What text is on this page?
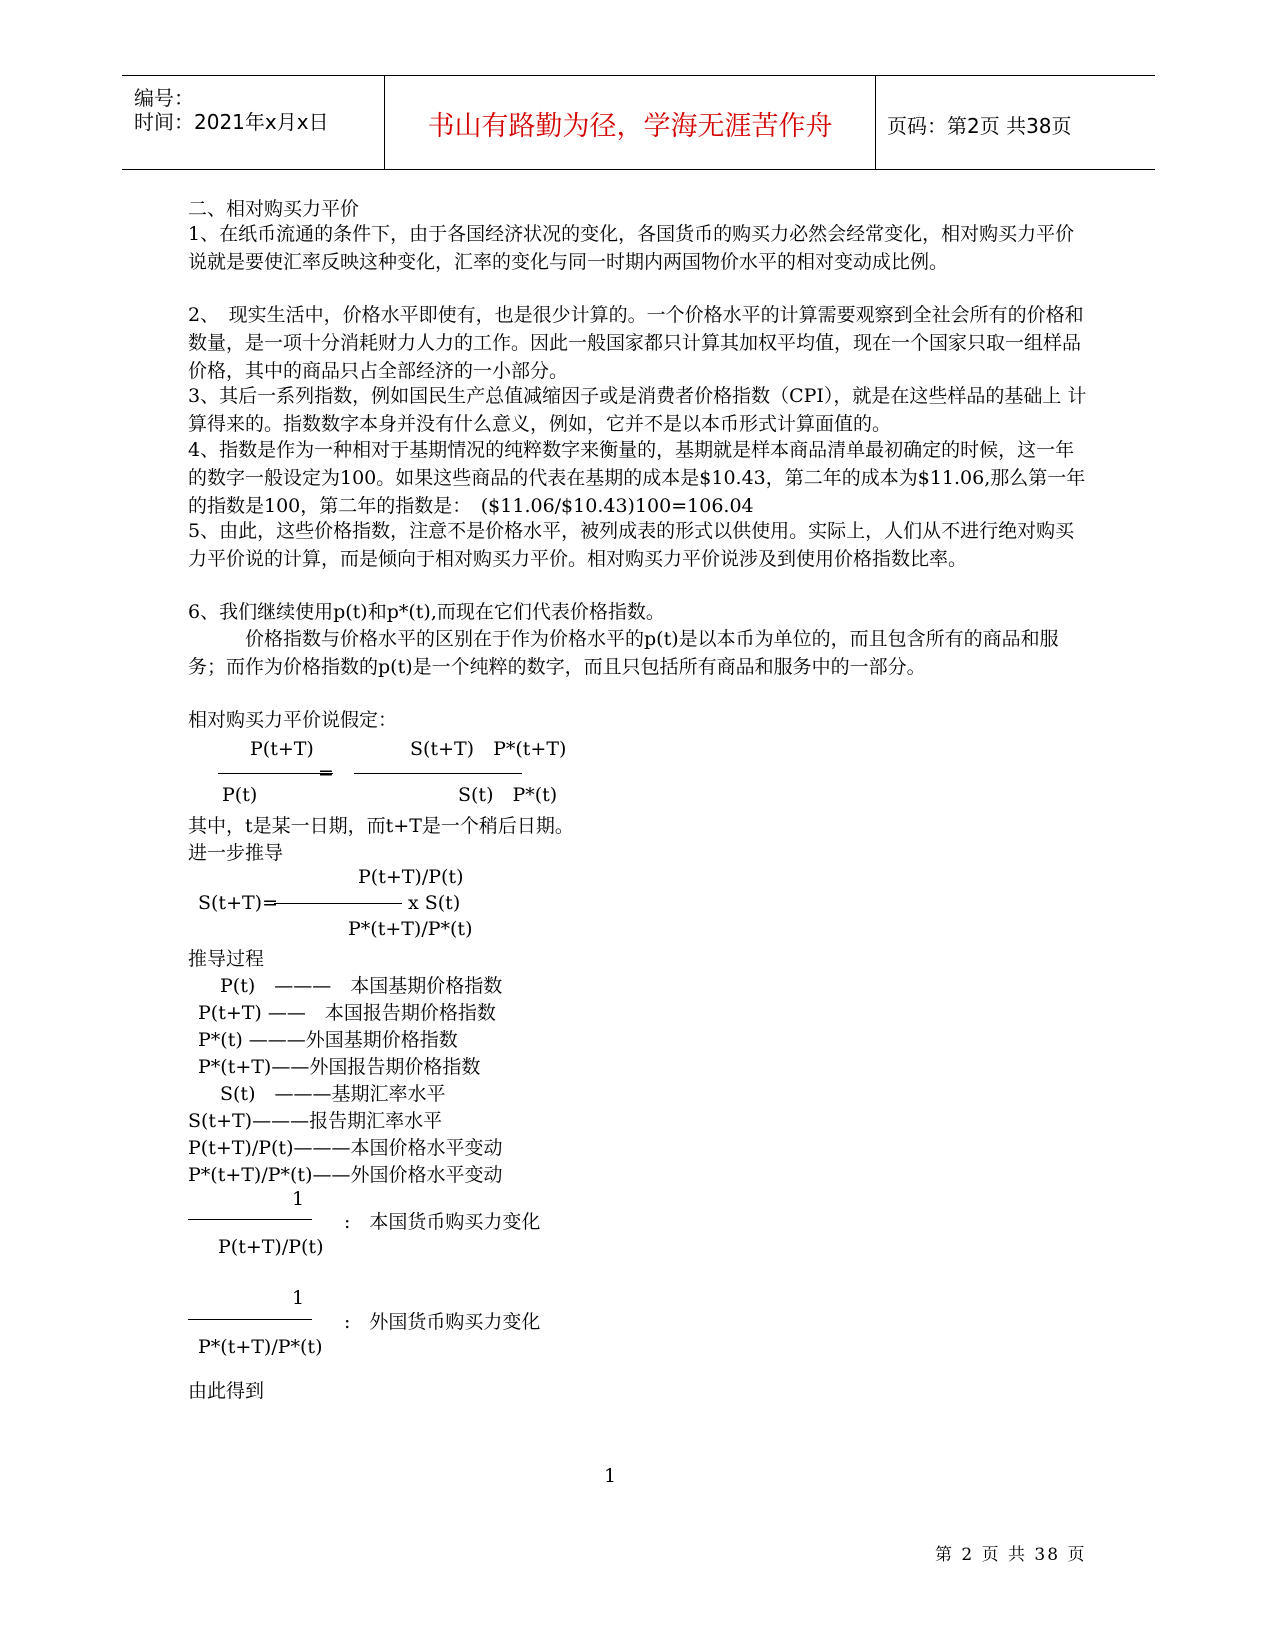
编号：
时间：2021年x月x日	书山有路勤为径，学海无涯苦作舟	页码：第2页 共38页
二、相对购买力平价
1、在纸币流通的条件下，由于各国经济状况的变化，各国货币的购买力必然会经常变化，相对购买力平价说就是要使汇率反映这种变化，汇率的变化与同一时期内两国物价水平的相对变动成比例。
2、　现实生活中，价格水平即使有，也是很少计算的。一个价格水平的计算需要观察到全社会所有的价格和数量，是一项十分消耗财力人力的工作。因此一般国家都只计算其加权平均值，现在一个国家只取一组样品价格，其中的商品只占全部经济的一小部分。
3、其后一系列指数，例如国民生产总值减缩因子或是消费者价格指数（CPI），就是在这些样品的基础上 计算得来的。指数数字本身并没有什么意义，例如，它并不是以本币形式计算面值的。
4、指数是作为一种相对于基期情况的纯粹数字来衡量的，基期就是样本商品清单最初确定的时候，这一年的数字一般设定为100。如果这些商品的代表在基期的成本是$10.43，第二年的成本为$11.06,那么第一年的指数是100，第二年的指数是：　($11.06/$10.43)100=106.04
5、由此，这些价格指数，注意不是价格水平，被列成表的形式以供使用。实际上，人们从不进行绝对购买力平价说的计算，而是倾向于相对购买力平价。相对购买力平价说涉及到使用价格指数比率。
6、我们继续使用p(t)和p*(t),而现在它们代表价格指数。
　　　价格指数与价格水平的区别在于作为价格水平的p(t)是以本币为单位的，而且包含所有的商品和服务；而作为价格指数的p(t)是一个纯粹的数字，而且只包括所有商品和服务中的一部分。
相对购买力平价说假定：
P(t+T)
=
S(t+T)　P*(t+T)
P(t)	S(t)　P*(t)
其中，t是某一日期，而t+T是一个稍后日期。
进一步推导
P(t+T)/P(t)
S(t+T)=	x S(t)
P*(t+T)/P*(t)
推导过程
P(t)　———　本国基期价格指数
P(t+T) ——　本国报告期价格指数
P*(t) ———外国基期价格指数
P*(t+T)——外国报告期价格指数
S(t)　———基期汇率水平
S(t+T)———报告期汇率水平
P(t+T)/P(t)———本国价格水平变动
P*(t+T)/P*(t)——外国价格水平变动
1
:　本国货币购买力变化
P(t+T)/P(t)
1
:　外国货币购买力变化
P*(t+T)/P*(t)
由此得到
1
第 2 页 共 38 页
